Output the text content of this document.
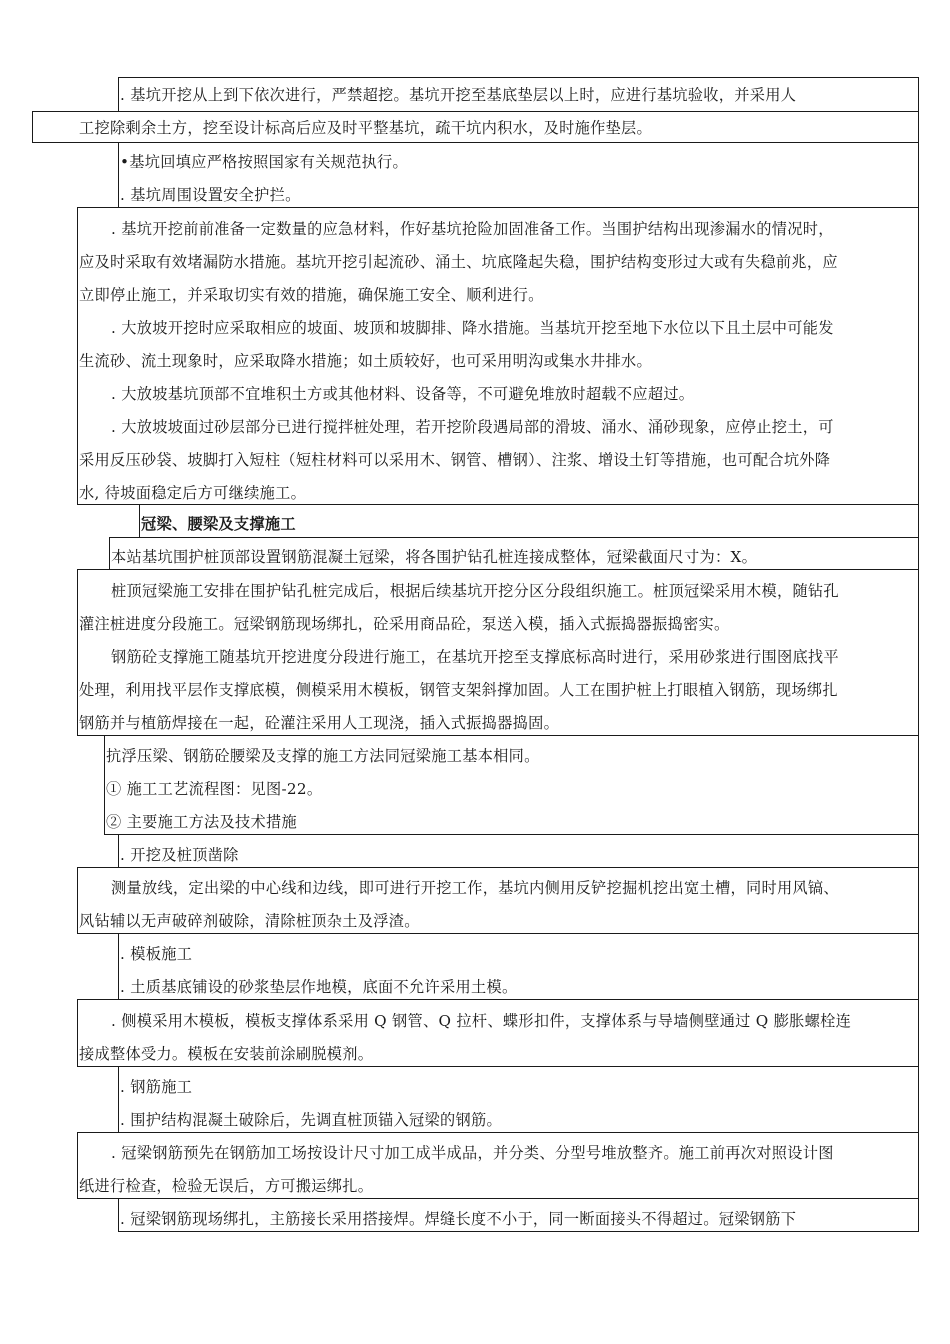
. 基坑开挖从上到下依次进行，严禁超挖。基坑开挖至基底垫层以上时，应进行基坑验收，并采用人
工挖除剩余土方，挖至设计标高后应及时平整基坑，疏干坑内积水，及时施作垫层。
•基坑回填应严格按照国家有关规范执行。
. 基坑周围设置安全护拦。
. 基坑开挖前前准备一定数量的应急材料，作好基坑抢险加固准备工作。当围护结构出现渗漏水的情况时，
应及时采取有效堵漏防水措施。基坑开挖引起流砂、涌土、坑底隆起失稳，围护结构变形过大或有失稳前兆，应
立即停止施工，并采取切实有效的措施，确保施工安全、顺利进行。
. 大放坡开挖时应采取相应的坡面、坡顶和坡脚排、降水措施。当基坑开挖至地下水位以下且土层中可能发
生流砂、流土现象时，应采取降水措施；如土质较好，也可采用明沟或集水井排水。
. 大放坡基坑顶部不宜堆积土方或其他材料、设备等，不可避免堆放时超载不应超过。
. 大放坡坡面过砂层部分已进行搅拌桩处理，若开挖阶段遇局部的滑坡、涌水、涌砂现象，应停止挖土，可
采用反压砂袋、坡脚打入短柱（短柱材料可以采用木、钢管、槽钢）、注浆、增设土钉等措施，也可配合坑外降
水, 待坡面稳定后方可继续施工。
冠梁、腰梁及支撑施工
本站基坑围护桩顶部设置钢筋混凝土冠梁，将各围护钻孔桩连接成整体，冠梁截面尺寸为：X。
桩顶冠梁施工安排在围护钻孔桩完成后，根据后续基坑开挖分区分段组织施工。桩顶冠梁采用木模，随钻孔
灌注桩进度分段施工。冠梁钢筋现场绑扎，砼采用商品砼，泵送入模，插入式振捣器振捣密实。
钢筋砼支撑施工随基坑开挖进度分段进行施工，在基坑开挖至支撑底标高时进行，采用砂浆进行围囹底找平
处理，利用找平层作支撑底模，侧模采用木模板，钢管支架斜撑加固。人工在围护桩上打眼植入钢筋，现场绑扎
钢筋并与植筋焊接在一起，砼灌注采用人工现浇，插入式振捣器捣固。
抗浮压梁、钢筋砼腰梁及支撑的施工方法同冠梁施工基本相同。
① 施工工艺流程图：见图-22。
② 主要施工方法及技术措施
. 开挖及桩顶凿除
测量放线，定出梁的中心线和边线，即可进行开挖工作，基坑内侧用反铲挖掘机挖出宽土槽，同时用风镐、
风钻辅以无声破碎剂破除，清除桩顶杂土及浮渣。
. 模板施工
. 土质基底铺设的砂浆垫层作地模，底面不允许采用土模。
. 侧模采用木模板，模板支撑体系采用 Q 钢管、Q 拉杆、蝶形扣件，支撑体系与导墙侧壁通过 Q 膨胀螺栓连
接成整体受力。模板在安装前涂刷脱模剂。
. 钢筋施工
. 围护结构混凝土破除后，先调直桩顶锚入冠梁的钢筋。
. 冠梁钢筋预先在钢筋加工场按设计尺寸加工成半成品，并分类、分型号堆放整齐。施工前再次对照设计图
纸进行检查，检验无误后，方可搬运绑扎。
. 冠梁钢筋现场绑扎，主筋接长采用搭接焊。焊缝长度不小于，同一断面接头不得超过。冠梁钢筋下
